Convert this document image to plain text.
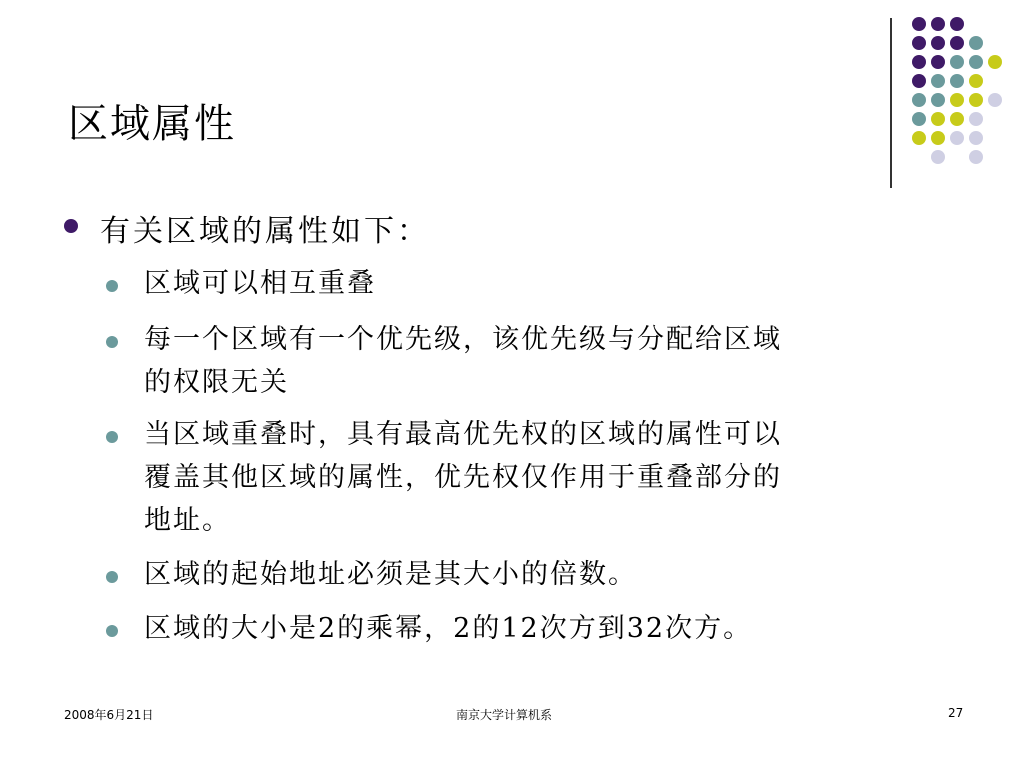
区域属性
有关区域的属性如下：
区域可以相互重叠
每一个区域有一个优先级，该优先级与分配给区域
的权限无关
当区域重叠时，具有最高优先权的区域的属性可以
覆盖其他区域的属性，优先权仅作用于重叠部分的
地址。
区域的起始地址必须是其大小的倍数。
区域的大小是2的乘幂，2的12次方到32次方。
2008年6月21日	南京大学计算机系	27
